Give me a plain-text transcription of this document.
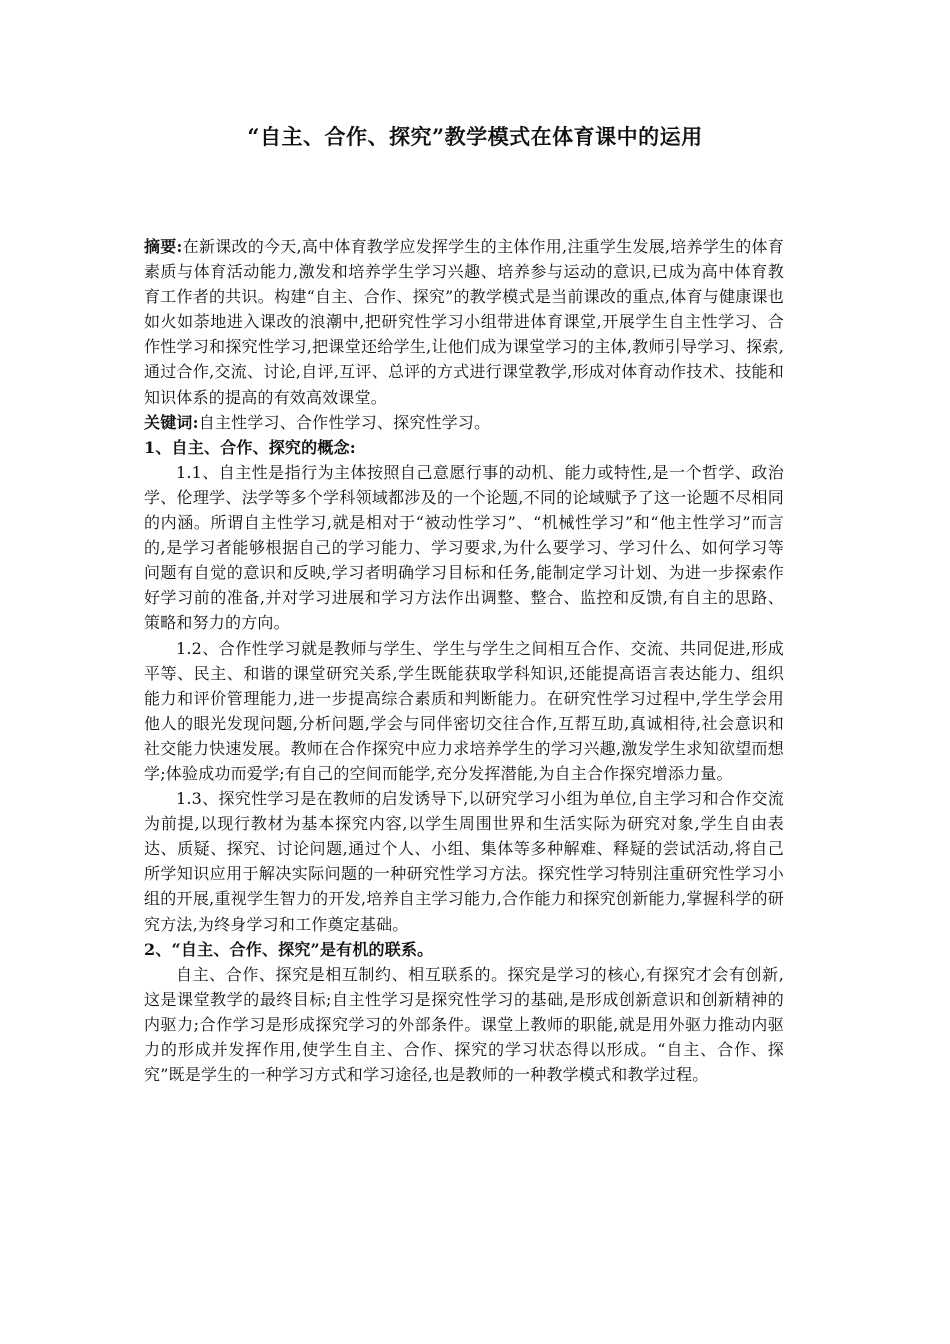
“自主、合作、探究”教学模式在体育课中的运用

摘要:在新课改的今天,高中体育教学应发挥学生的主体作用,注重学生发展,培养学生的体育素质与体育活动能力,激发和培养学生学习兴趣、培养参与运动的意识,已成为高中体育教育工作者的共识。构建“自主、合作、探究”的教学模式是当前课改的重点,体育与健康课也如火如荼地进入课改的浪潮中,把研究性学习小组带进体育课堂,开展学生自主性学习、合作性学习和探究性学习,把课堂还给学生,让他们成为课堂学习的主体,教师引导学习、探索,通过合作,交流、讨论,自评,互评、总评的方式进行课堂教学,形成对体育动作技术、技能和知识体系的提高的有效高效课堂。

关键词:自主性学习、合作性学习、探究性学习。

1、自主、合作、探究的概念:

1.1、自主性是指行为主体按照自己意愿行事的动机、能力或特性,是一个哲学、政治学、伦理学、法学等多个学科领域都涉及的一个论题,不同的论域赋予了这一论题不尽相同的内涵。所谓自主性学习,就是相对于“被动性学习”、“机械性学习”和“他主性学习”而言的,是学习者能够根据自己的学习能力、学习要求,为什么要学习、学习什么、如何学习等问题有自觉的意识和反映,学习者明确学习目标和任务,能制定学习计划、为进一步探索作好学习前的准备,并对学习进展和学习方法作出调整、整合、监控和反馈,有自主的思路、策略和努力的方向。

1.2、合作性学习就是教师与学生、学生与学生之间相互合作、交流、共同促进,形成平等、民主、和谐的课堂研究关系,学生既能获取学科知识,还能提高语言表达能力、组织能力和评价管理能力,进一步提高综合素质和判断能力。在研究性学习过程中,学生学会用他人的眼光发现问题,分析问题,学会与同伴密切交往合作,互帮互助,真诚相待,社会意识和社交能力快速发展。教师在合作探究中应力求培养学生的学习兴趣,激发学生求知欲望而想学;体验成功而爱学;有自己的空间而能学,充分发挥潜能,为自主合作探究增添力量。

1.3、探究性学习是在教师的启发诱导下,以研究学习小组为单位,自主学习和合作交流为前提,以现行教材为基本探究内容,以学生周围世界和生活实际为研究对象,学生自由表达、质疑、探究、讨论问题,通过个人、小组、集体等多种解难、释疑的尝试活动,将自己所学知识应用于解决实际问题的一种研究性学习方法。探究性学习特别注重研究性学习小组的开展,重视学生智力的开发,培养自主学习能力,合作能力和探究创新能力,掌握科学的研究方法,为终身学习和工作奠定基础。

2、“自主、合作、探究”是有机的联系。

自主、合作、探究是相互制约、相互联系的。探究是学习的核心,有探究才会有创新,这是课堂教学的最终目标;自主性学习是探究性学习的基础,是形成创新意识和创新精神的内驱力;合作学习是形成探究学习的外部条件。课堂上教师的职能,就是用外驱力推动内驱力的形成并发挥作用,使学生自主、合作、探究的学习状态得以形成。“自主、合作、探究”既是学生的一种学习方式和学习途径,也是教师的一种教学模式和教学过程。
